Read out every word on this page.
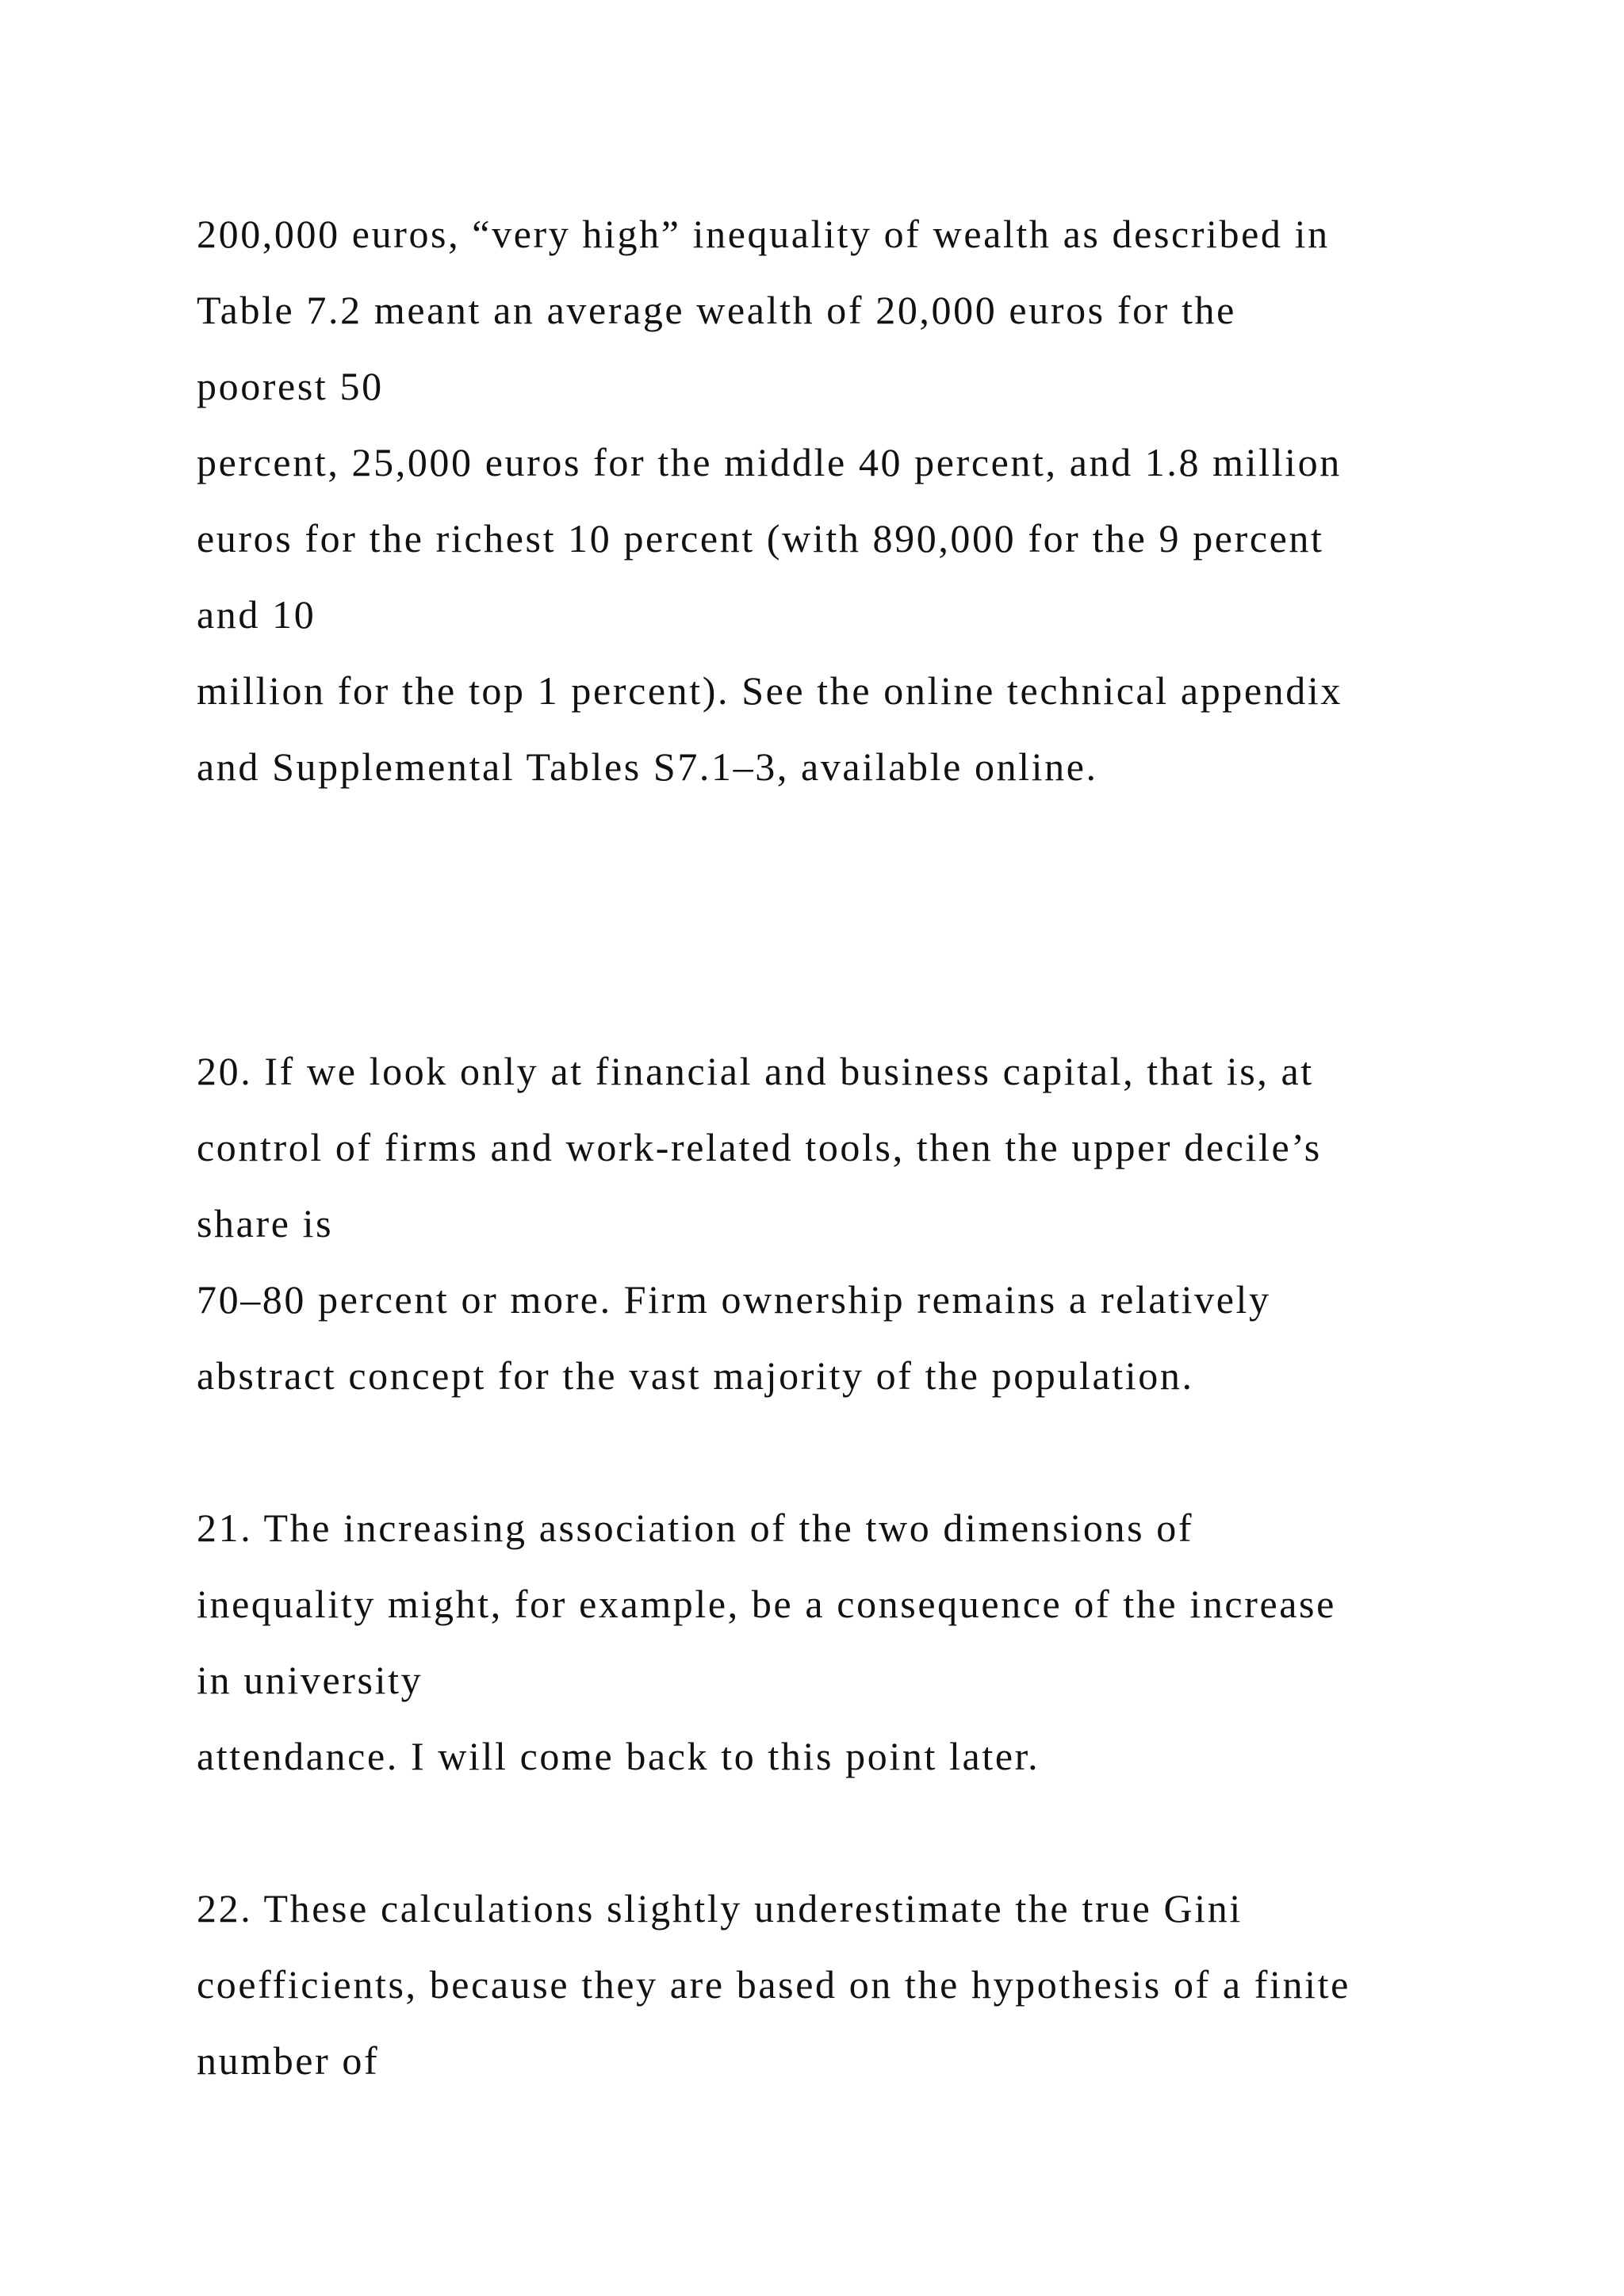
200,000 euros, “very high” inequality of wealth as described in
Table 7.2 meant an average wealth of 20,000 euros for the
poorest 50
percent, 25,000 euros for the middle 40 percent, and 1.8 million
euros for the richest 10 percent (with 890,000 for the 9 percent
and 10
million for the top 1 percent). See the online technical appendix
and Supplemental Tables S7.1–3, available online.
20. If we look only at financial and business capital, that is, at
control of firms and work-related tools, then the upper decile’s
share is
70–80 percent or more. Firm ownership remains a relatively
abstract concept for the vast majority of the population.
21. The increasing association of the two dimensions of
inequality might, for example, be a consequence of the increase
in university
attendance. I will come back to this point later.
22. These calculations slightly underestimate the true Gini
coefficients, because they are based on the hypothesis of a finite
number of
